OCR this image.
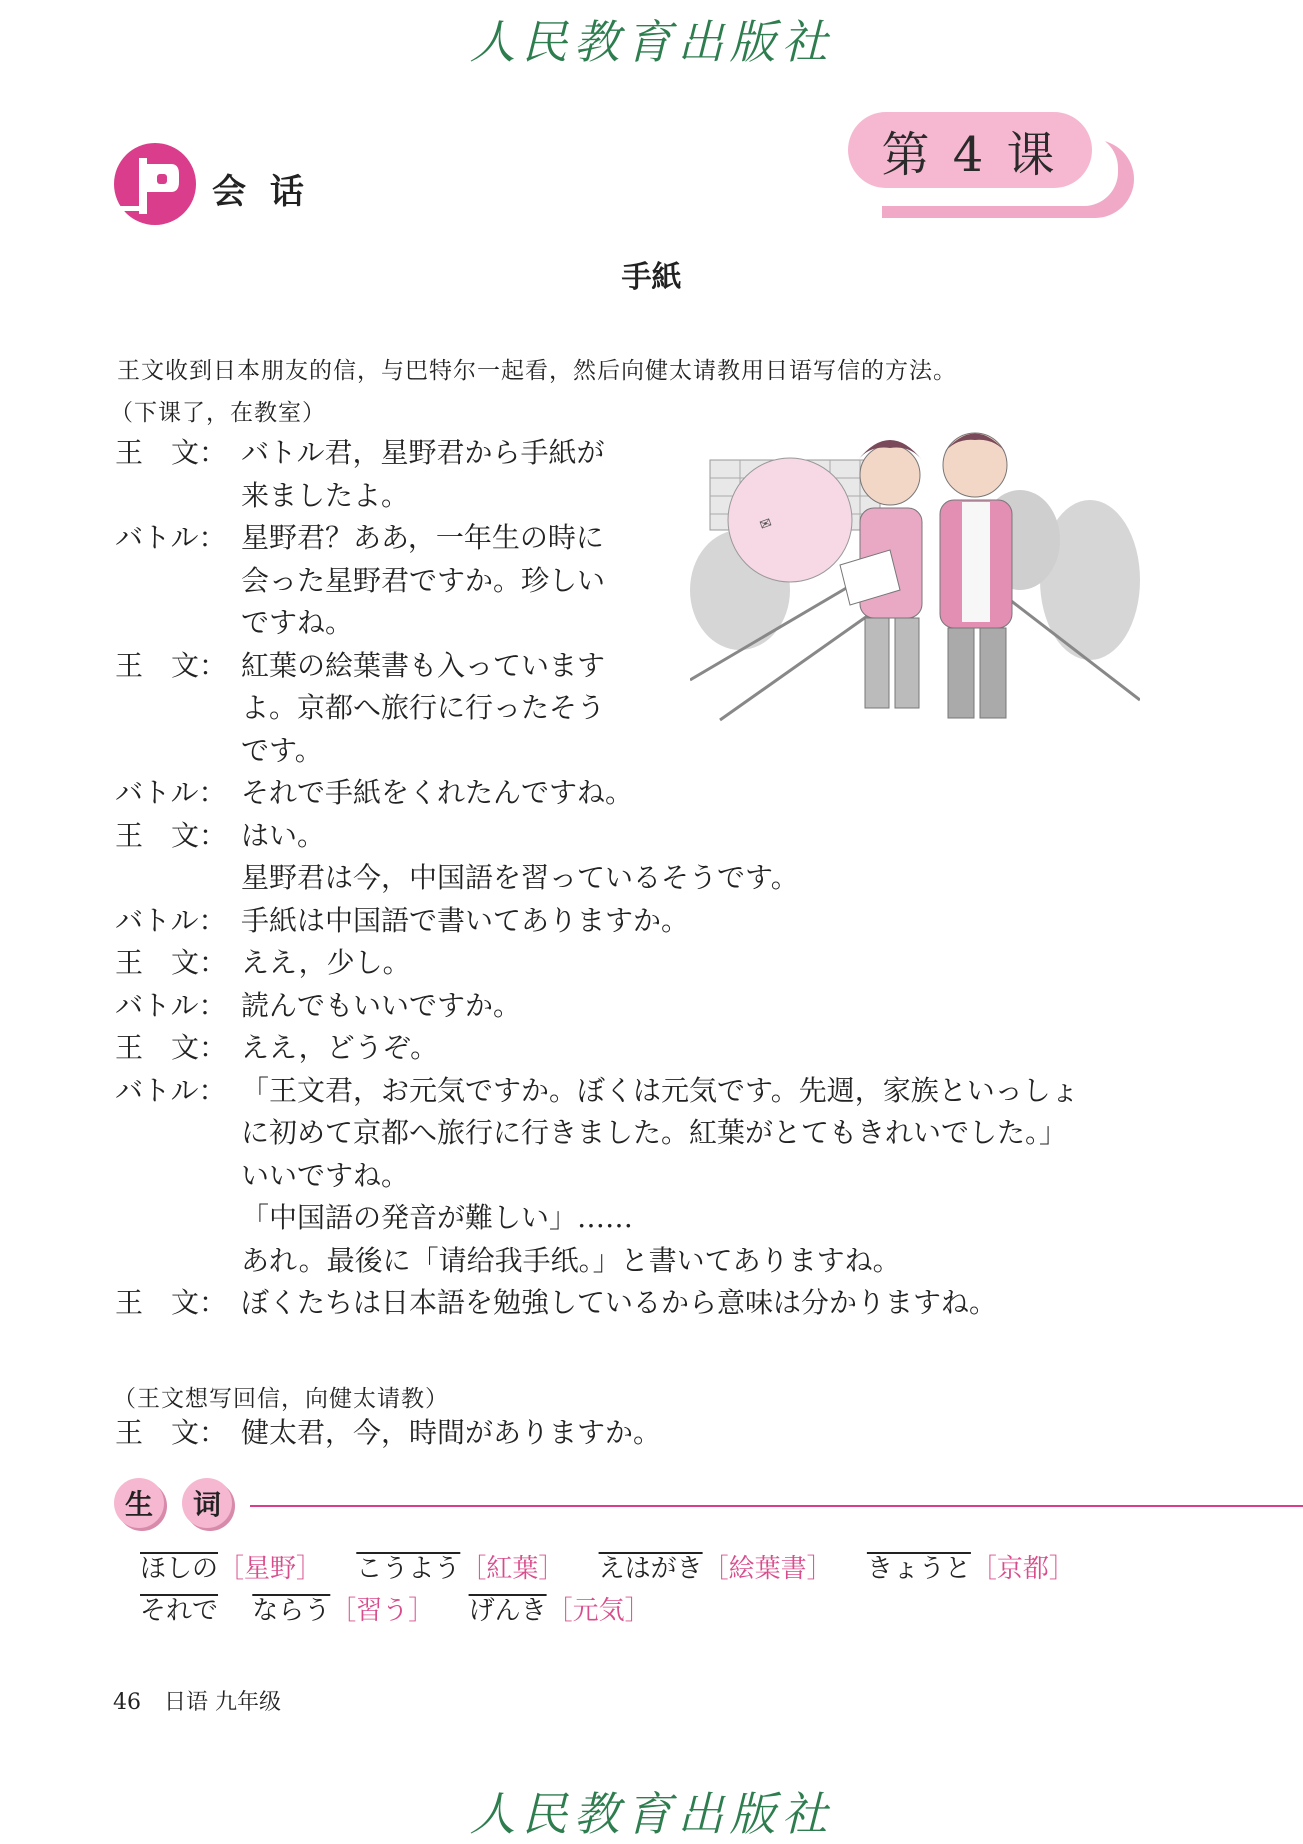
人民教育出版社
第 4 课
会 话
手紙
王文收到日本朋友的信，与巴特尔一起看，然后向健太请教用日语写信的方法。
（下课了，在教室）
✉
王　文： バトル君，星野君から手紙が
来ましたよ。
バトル： 星野君？ああ，一年生の時に
会った星野君ですか。珍しい
ですね。
王　文： 紅葉の絵葉書も入っています
よ。京都へ旅行に行ったそう
です。
バトル： それで手紙をくれたんですね。
王　文： はい。
星野君は今，中国語を習っているそうです。
バトル： 手紙は中国語で書いてありますか。
王　文： ええ，少し。
バトル： 読んでもいいですか。
王　文： ええ，どうぞ。
バトル： 「王文君，お元気ですか。ぼくは元気です。先週，家族といっしょ
に初めて京都へ旅行に行きました。紅葉がとてもきれいでした。」
いいですね。
「中国語の発音が難しい」……
あれ。最後に「请给我手纸。」と書いてありますね。
王　文： ぼくたちは日本語を勉強しているから意味は分かりますね。
（王文想写回信，向健太请教）
王　文： 健太君，今，時間がありますか。
生	词
ほしの［星野］ こうよう［紅葉］ えはがき［絵葉書］ きょうと［京都］
それで ならう［習う］ げんき［元気］
46 日语 九年级
人民教育出版社
